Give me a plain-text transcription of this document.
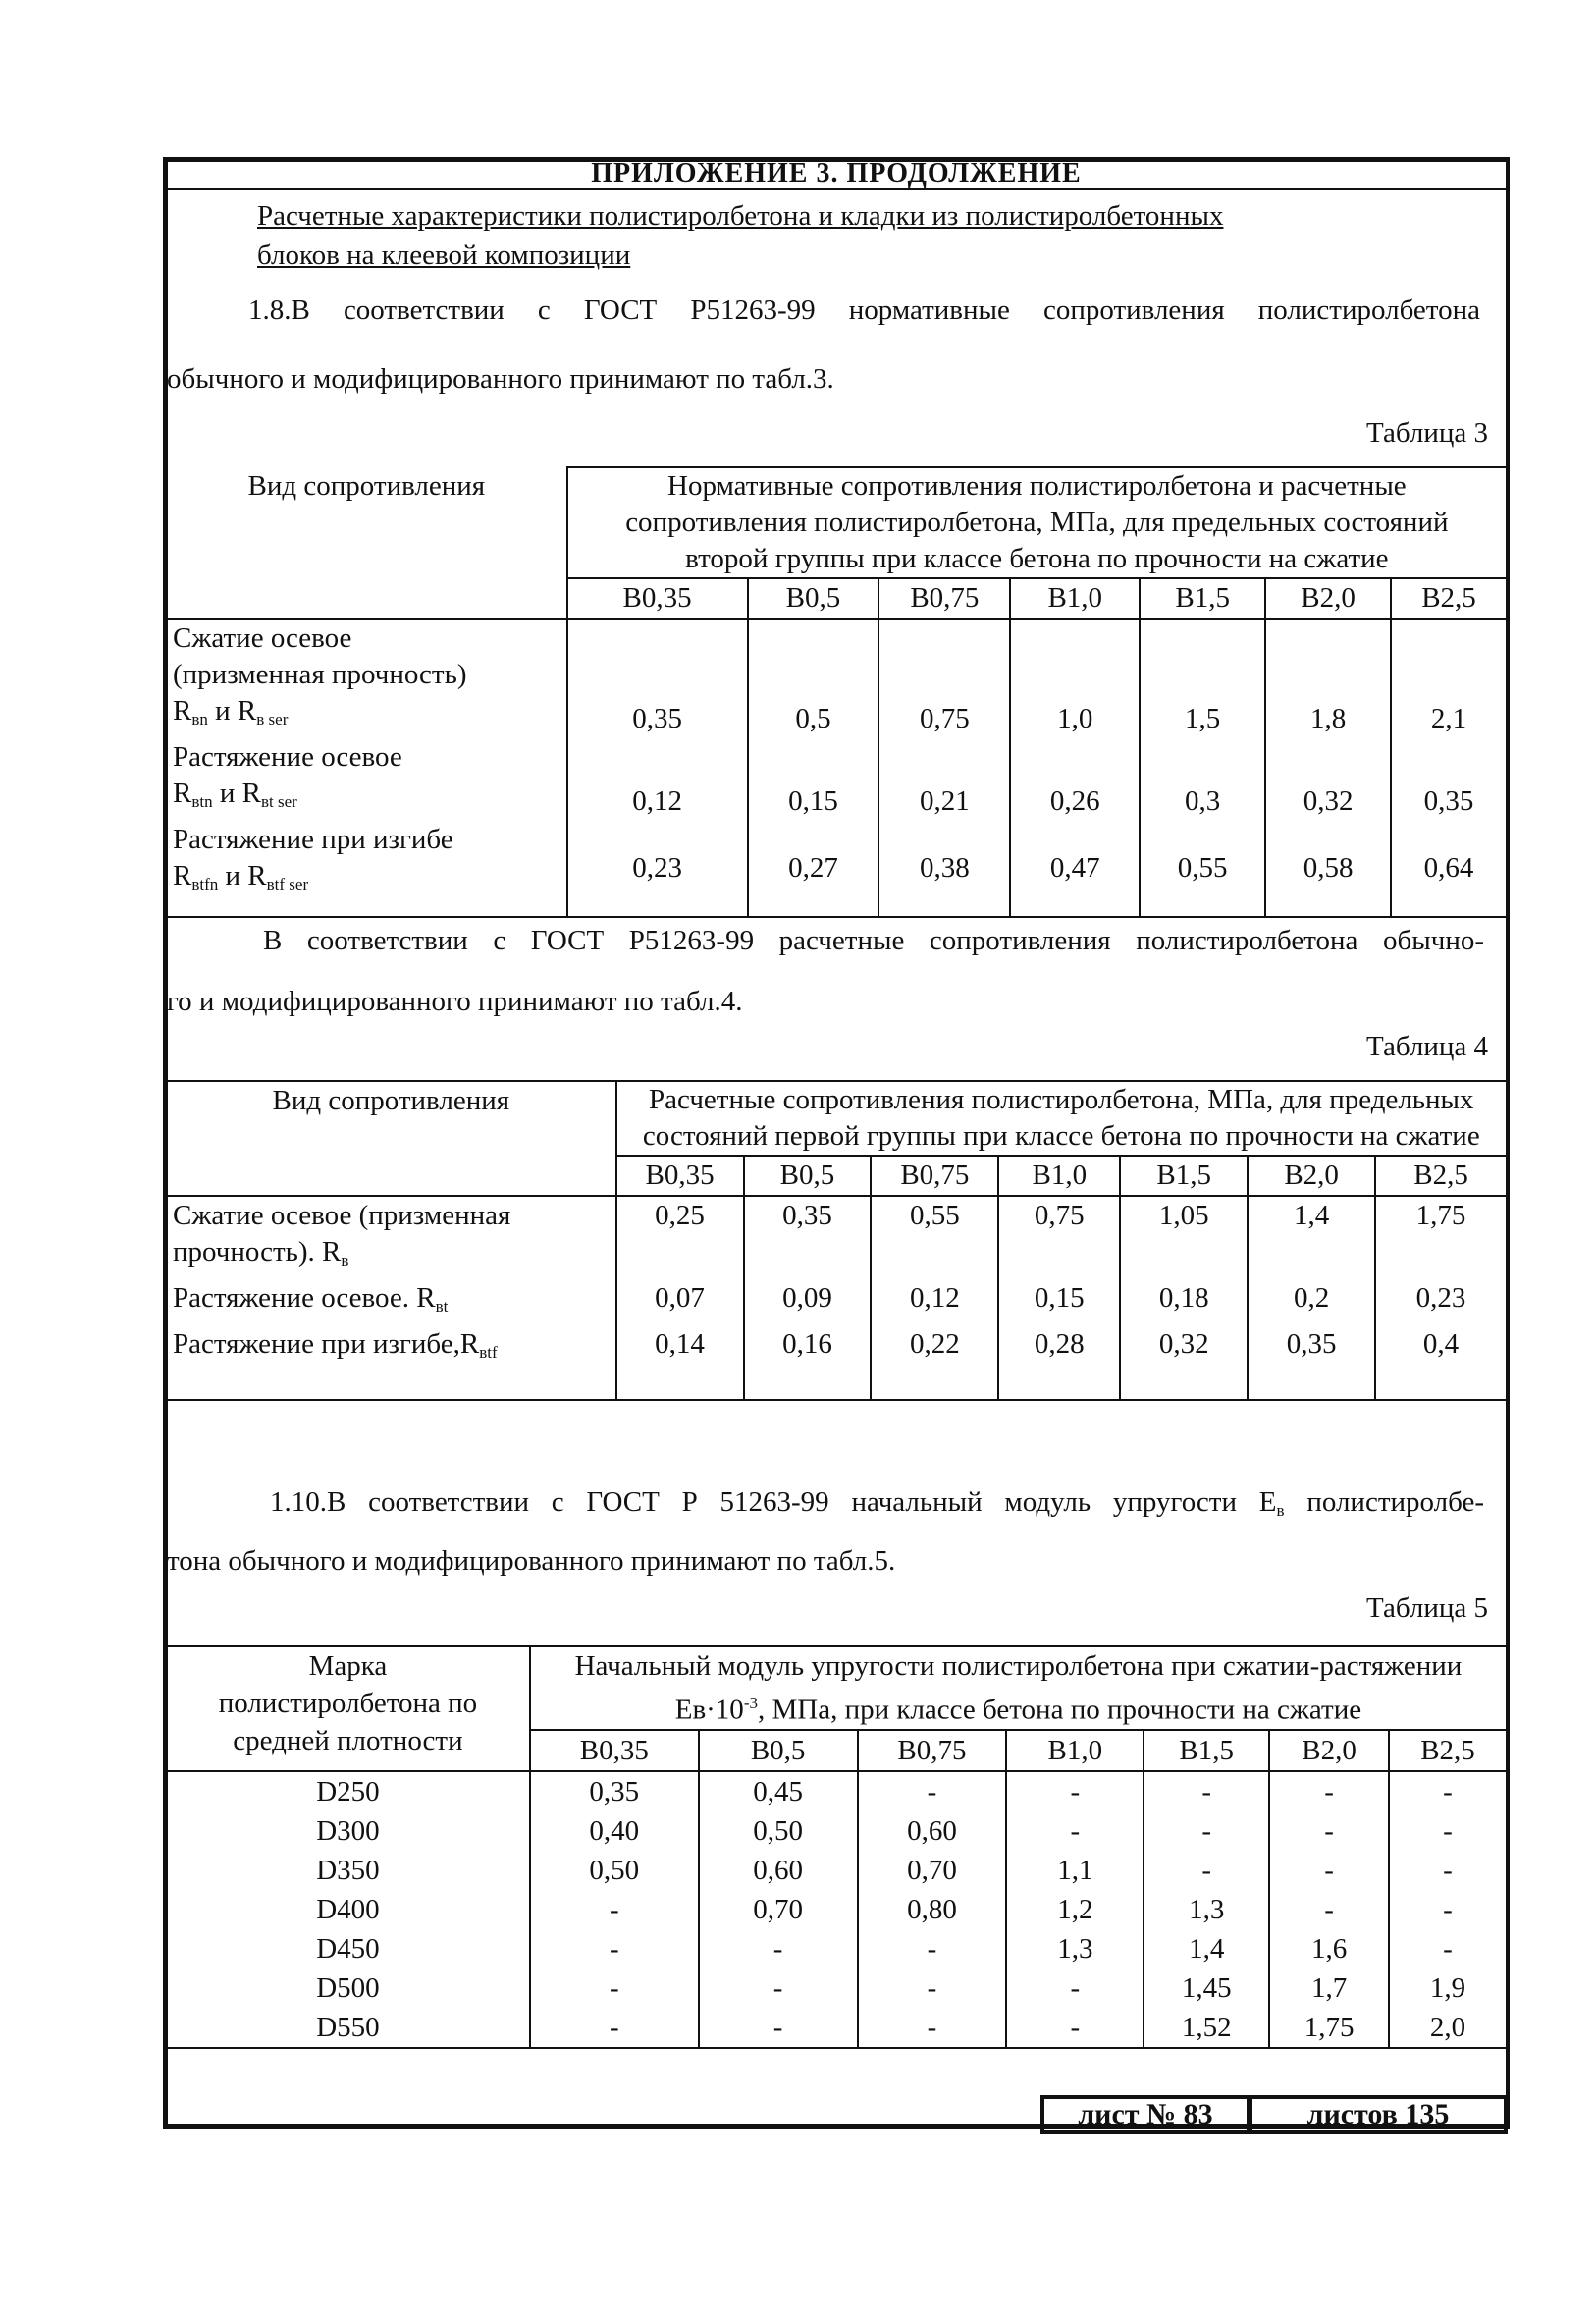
ПРИЛОЖЕНИЕ 3. ПРОДОЛЖЕНИЕ
Расчетные характеристики полистиролбетона и кладки из полистиролбетонных
блоков на клеевой композиции
1.8.В соответствии с ГОСТ Р51263-99 нормативные сопротивления полистиролбетона
обычного и модифицированного принимают по табл.3.
Таблица 3
Вид сопротивления	Нормативные сопротивления полистиролбетона и расчетные сопротивления полистиролбетона, МПа, для предельных состояний второй группы при классе бетона по прочности на сжатие						
	В0,35	В0,5	В0,75	В1,0	В1,5	В2,0	В2,5

Сжатие осевое
(призменная прочность)
$R_{вn}$ и $R_{в ser}$	0,35	0,5	0,75	1,0	1,5	1,8	2,1

Растяжение осевое
$R_{вtn}$ и $R_{вt ser}$	0,12	0,15	0,21	0,26	0,3	0,32	0,35

Растяжение при изгибе
$R_{вtfn}$ и $R_{вtf ser}$	0,23	0,27	0,38	0,47	0,55	0,58	0,64
В соответствии с ГОСТ Р51263-99 расчетные сопротивления полистиролбетона обычно-
го и модифицированного принимают по табл.4.
Таблица 4
Вид сопротивления	Расчетные сопротивления полистиролбетона, МПа, для предельных состояний первой группы при классе бетона по прочности на сжатие						
	В0,35	В0,5	В0,75	В1,0	В1,5	В2,0	В2,5
Сжатие осевое (призменная прочность). $R_в$	0,25	0,35	0,55	0,75	1,05	1,4	1,75
Растяжение осевое. $R_{вt}$	0,07	0,09	0,12	0,15	0,18	0,2	0,23
Растяжение при $изгибе,R_{вtf}$	0,14	0,16	0,22	0,28	0,32	0,35	0,4
1.10.В соответствии с ГОСТ Р 51263-99 начальный модуль упругости $Е_в$ полистиролбе-
тона обычного и модифицированного принимают по табл.5.
Таблица 5
Марка полистиролбетона по средней плотности	Начальный модуль упругости полистиролбетона при сжатии-растяжении $Ев\cdot 10^{-3}$, МПа, при классе бетона по прочности на сжатие						
	В0,35	В0,5	В0,75	В1,0	В1,5	В2,0	В2,5
D250	0,35	0,45	-	-	-	-	-
D300	0,40	0,50	0,60	-	-	-	-
D350	0,50	0,60	0,70	1,1	-	-	-
D400	-	0,70	0,80	1,2	1,3	-	-
D450	-	-	-	1,3	1,4	1,6	-
D500	-	-	-	-	1,45	1,7	1,9
D550	-	-	-	-	1,52	1,75	2,0
лист № 83	листов 135
